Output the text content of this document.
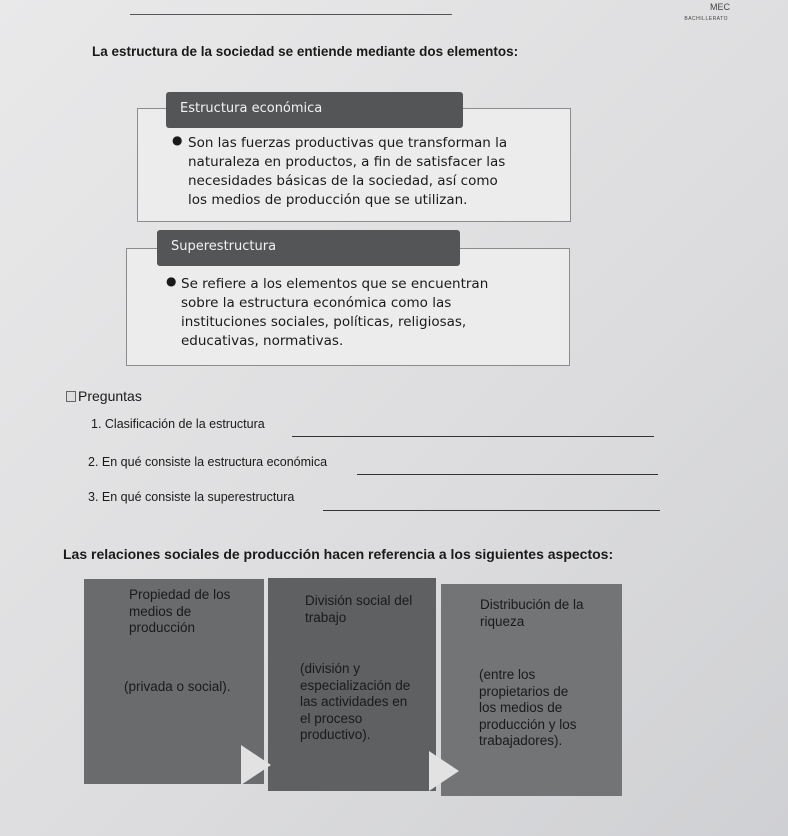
MEC
BACHILLERATO
La estructura de la sociedad se entiende mediante dos elementos:
Estructura económica
● Son las fuerzas productivas que transforman la
naturaleza en productos, a fin de satisfacer las
necesidades básicas de la sociedad, así como
los medios de producción que se utilizan.
Superestructura
● Se refiere a los elementos que se encuentran
sobre la estructura económica como las
instituciones sociales, políticas, religiosas,
educativas, normativas.
Preguntas
1. Clasificación de la estructura
2. En qué consiste la estructura económica
3. En qué consiste la superestructura
Las relaciones sociales de producción hacen referencia a los siguientes aspectos:
Propiedad de los
medios de
producción
(privada o social).
División social del
trabajo
(división y
especialización de
las actividades en
el proceso
productivo).
Distribución de la
riqueza
(entre los
propietarios de
los medios de
producción y los
trabajadores).
